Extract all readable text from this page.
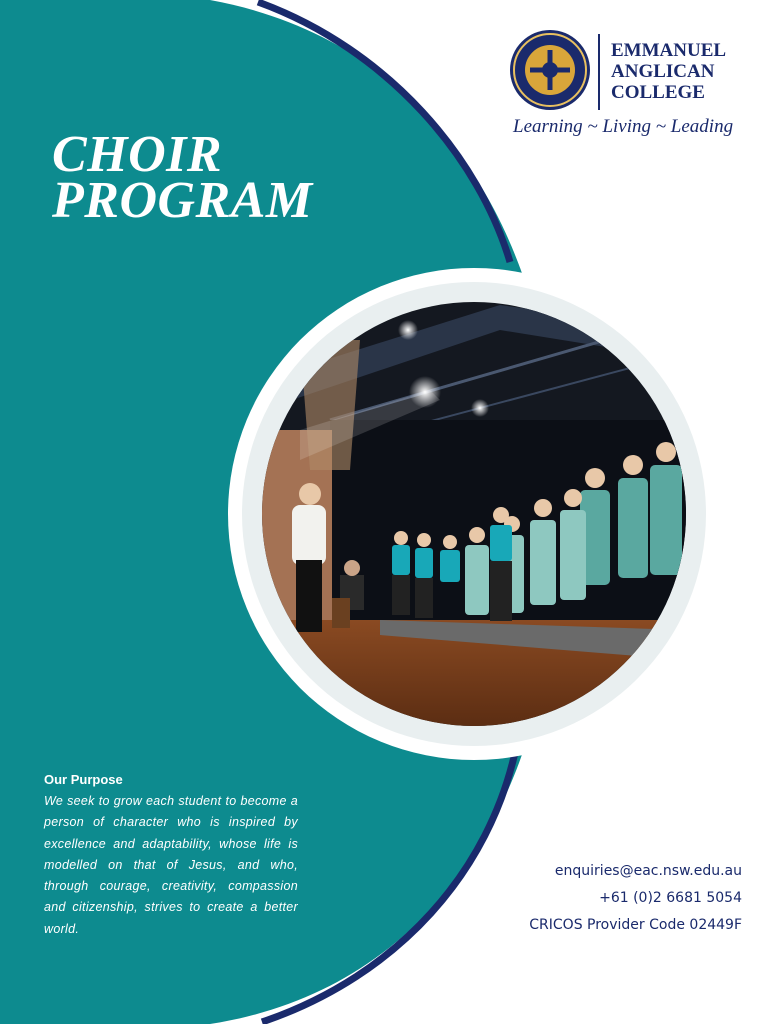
EMMANUEL
ANGLICAN
COLLEGE
Learning ~ Living ~ Leading
CHOIR
PROGRAM
Our Purpose

We seek to grow each student to become a person of character who is inspired by excellence and adaptability, whose life is modelled on that of Jesus, and who, through courage, creativity, compassion and citizenship, strives to create a better world.

enquiries@eac.nsw.edu.au
+61 (0)2 6681 5054
CRICOS Provider Code 02449F
